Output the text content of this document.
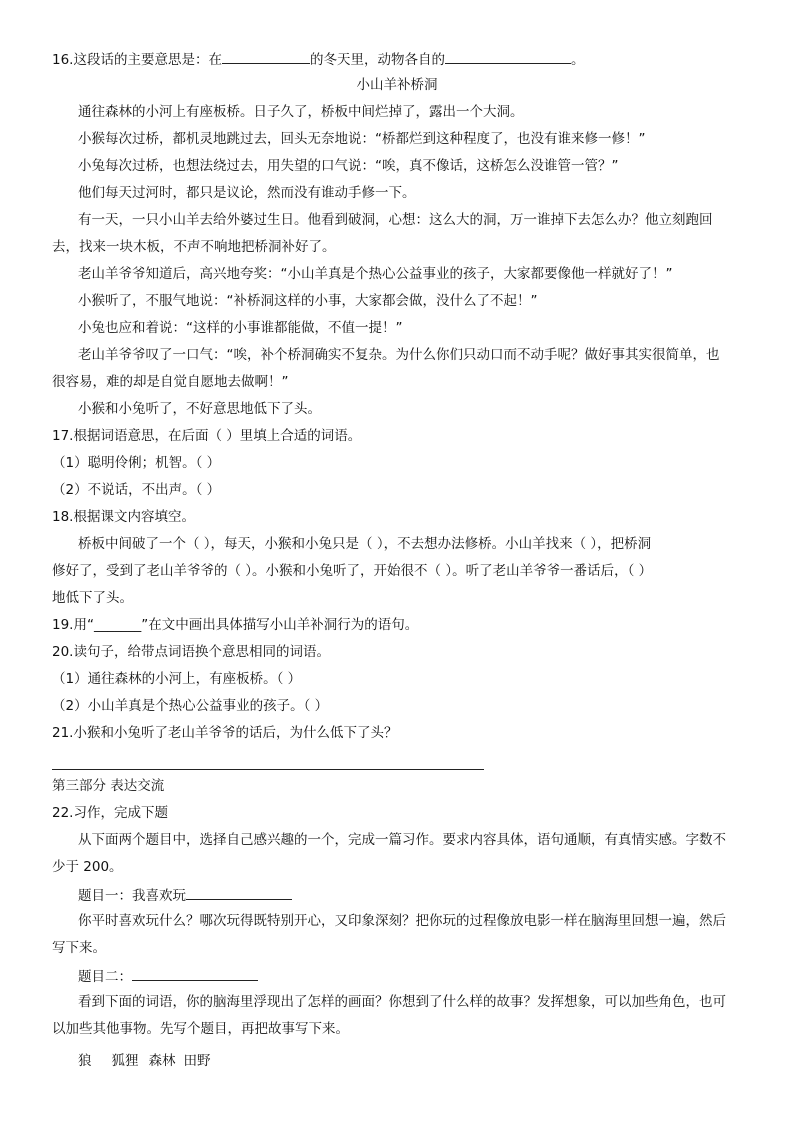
16.这段话的主要意思是：在	的冬天里，动物各自的	。
小山羊补桥洞
通往森林的小河上有座板桥。日子久了，桥板中间烂掉了，露出一个大洞。
小猴每次过桥，都机灵地跳过去，回头无奈地说：“桥都烂到这种程度了，也没有谁来修一修！”
小兔每次过桥，也想法绕过去，用失望的口气说：“唉，真不像话，这桥怎么没谁管一管？”
他们每天过河时，都只是议论，然而没有谁动手修一下。
有一天，一只小山羊去给外婆过生日。他看到破洞，心想：这么大的洞，万一谁掉下去怎么办？他立刻跑回
去，找来一块木板，不声不响地把桥洞补好了。
老山羊爷爷知道后，高兴地夸奖：“小山羊真是个热心公益事业的孩子，大家都要像他一样就好了！”
小猴听了，不服气地说：“补桥洞这样的小事，大家都会做，没什么了不起！”
小兔也应和着说：“这样的小事谁都能做，不值一提！”
老山羊爷爷叹了一口气：“唉，补个桥洞确实不复杂。为什么你们只动口而不动手呢？做好事其实很简单，也
很容易，难的却是自觉自愿地去做啊！”
小猴和小兔听了，不好意思地低下了头。
17.根据词语意思，在后面（ ）里填上合适的词语。
（1）聪明伶俐；机智。（ ）
（2）不说话，不出声。（ ）
18.根据课文内容填空。
桥板中间破了一个（ ），每天，小猴和小兔只是（ ），不去想办法修桥。小山羊找来（ ），把桥洞
修好了，受到了老山羊爷爷的（ ）。小猴和小兔听了，开始很不（ ）。听了老山羊爷爷一番话后，（ ）
地低下了头。
19.用“_______”在文中画出具体描写小山羊补洞行为的语句。
20.读句子，给带点词语换个意思相同的词语。
（1）通往森林的小河上，有座板桥。（ ）
（2）小山羊真是个热心公益事业的孩子。（ ）
21.小猴和小兔听了老山羊爷爷的话后，为什么低下了头？
第三部分 表达交流
22.习作，完成下题
从下面两个题目中，选择自己感兴趣的一个，完成一篇习作。要求内容具体，语句通顺，有真情实感。字数不
少于 200。
题目一：我喜欢玩
你平时喜欢玩什么？哪次玩得既特别开心，又印象深刻？把你玩的过程像放电影一样在脑海里回想一遍，然后
写下来。
题目二：
看到下面的词语，你的脑海里浮现出了怎样的画面？你想到了什么样的故事？发挥想象，可以加些角色，也可
以加些其他事物。先写个题目，再把故事写下来。
狼 狐狸 森林 田野
